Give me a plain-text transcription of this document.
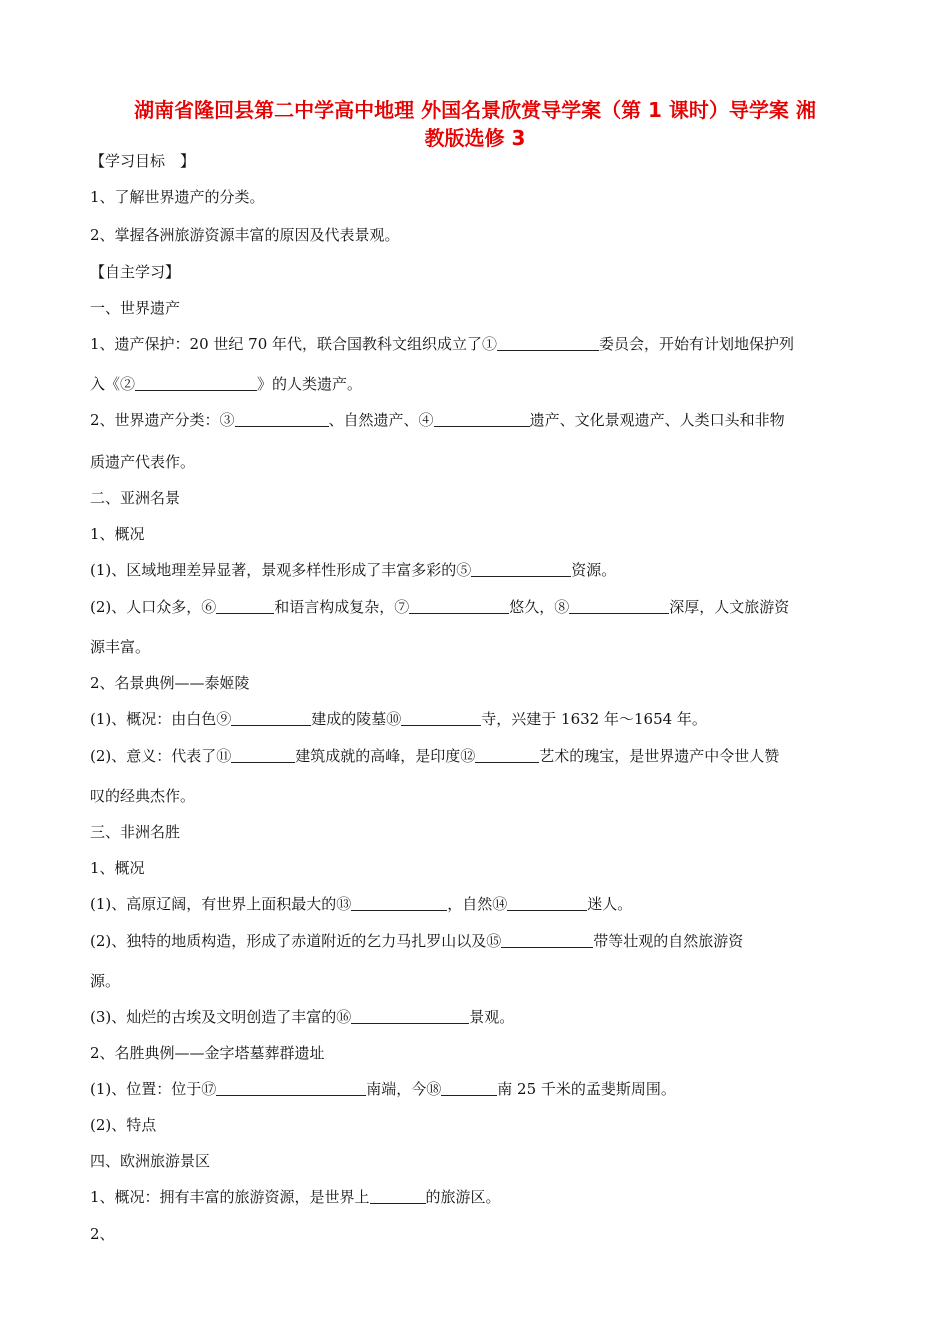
湖南省隆回县第二中学高中地理 外国名景欣赏导学案（第 1 课时）导学案 湘
教版选修 3
【学习目标　】
1、了解世界遗产的分类。
2、掌握各洲旅游资源丰富的原因及代表景观。
【自主学习】
一、世界遗产
1、遗产保护：20 世纪 70 年代，联合国教科文组织成立了①	委员会，开始有计划地保护列
入《②	》的人类遗产。
2、世界遗产分类：③	、自然遗产、④	遗产、文化景观遗产、人类口头和非物
质遗产代表作。
二、亚洲名景
1、概况
(1)、区域地理差异显著，景观多样性形成了丰富多彩的⑤	资源。
(2)、人口众多，⑥	和语言构成复杂，⑦	悠久，⑧	深厚，人文旅游资
源丰富。
2、名景典例——泰姬陵
(1)、概况：由白色⑨	建成的陵墓⑩	寺，兴建于 1632 年～1654 年。
(2)、意义：代表了⑪	建筑成就的高峰，是印度⑫	艺术的瑰宝，是世界遗产中令世人赞
叹的经典杰作。
三、非洲名胜
1、概况
(1)、高原辽阔，有世界上面积最大的⑬	，自然⑭	迷人。
(2)、独特的地质构造，形成了赤道附近的乞力马扎罗山以及⑮	带等壮观的自然旅游资
源。
(3)、灿烂的古埃及文明创造了丰富的⑯	景观。
2、名胜典例——金字塔墓葬群遗址
(1)、位置：位于⑰	南端，今⑱	南 25 千米的孟斐斯周围。
(2)、特点
四、欧洲旅游景区
1、概况：拥有丰富的旅游资源，是世界上	的旅游区。
2、
